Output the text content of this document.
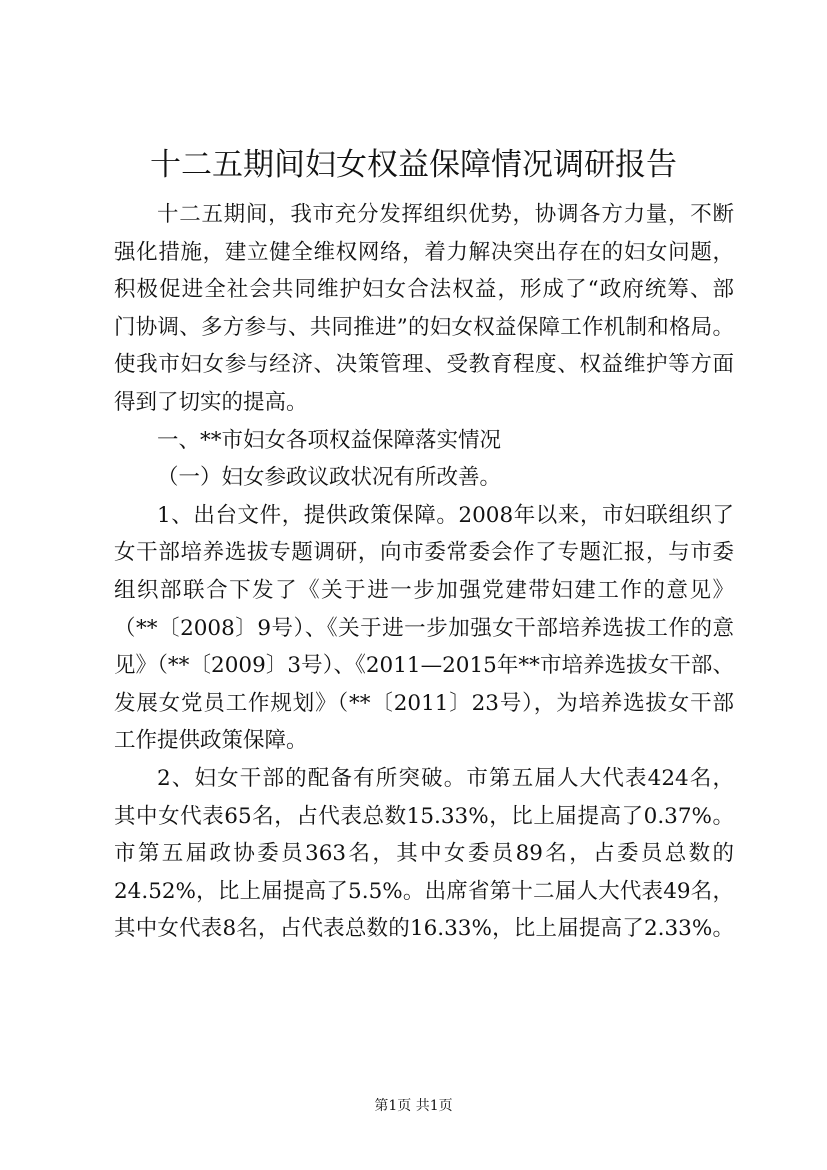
十二五期间妇女权益保障情况调研报告
十二五期间，我市充分发挥组织优势，协调各方力量，不断
强化措施，建立健全维权网络，着力解决突出存在的妇女问题，
积极促进全社会共同维护妇女合法权益，形成了“政府统筹、部
门协调、多方参与、共同推进”的妇女权益保障工作机制和格局。
使我市妇女参与经济、决策管理、受教育程度、权益维护等方面
得到了切实的提高。
一、**市妇女各项权益保障落实情况
（一）妇女参政议政状况有所改善。
1、出台文件，提供政策保障。2008年以来，市妇联组织了
女干部培养选拔专题调研，向市委常委会作了专题汇报，与市委
组织部联合下发了《关于进一步加强党建带妇建工作的意见》
（**〔2008〕9号）、《关于进一步加强女干部培养选拔工作的意
见》（**〔2009〕3号）、《2011—2015年**市培养选拔女干部、
发展女党员工作规划》（**〔2011〕23号），为培养选拔女干部
工作提供政策保障。
2、妇女干部的配备有所突破。市第五届人大代表424名，
其中女代表65名，占代表总数15.33%，比上届提高了0.37%。
市第五届政协委员363名，其中女委员89名，占委员总数的
24.52%，比上届提高了5.5%。出席省第十二届人大代表49名，
其中女代表8名，占代表总数的16.33%，比上届提高了2.33%。
第1页 共1页
